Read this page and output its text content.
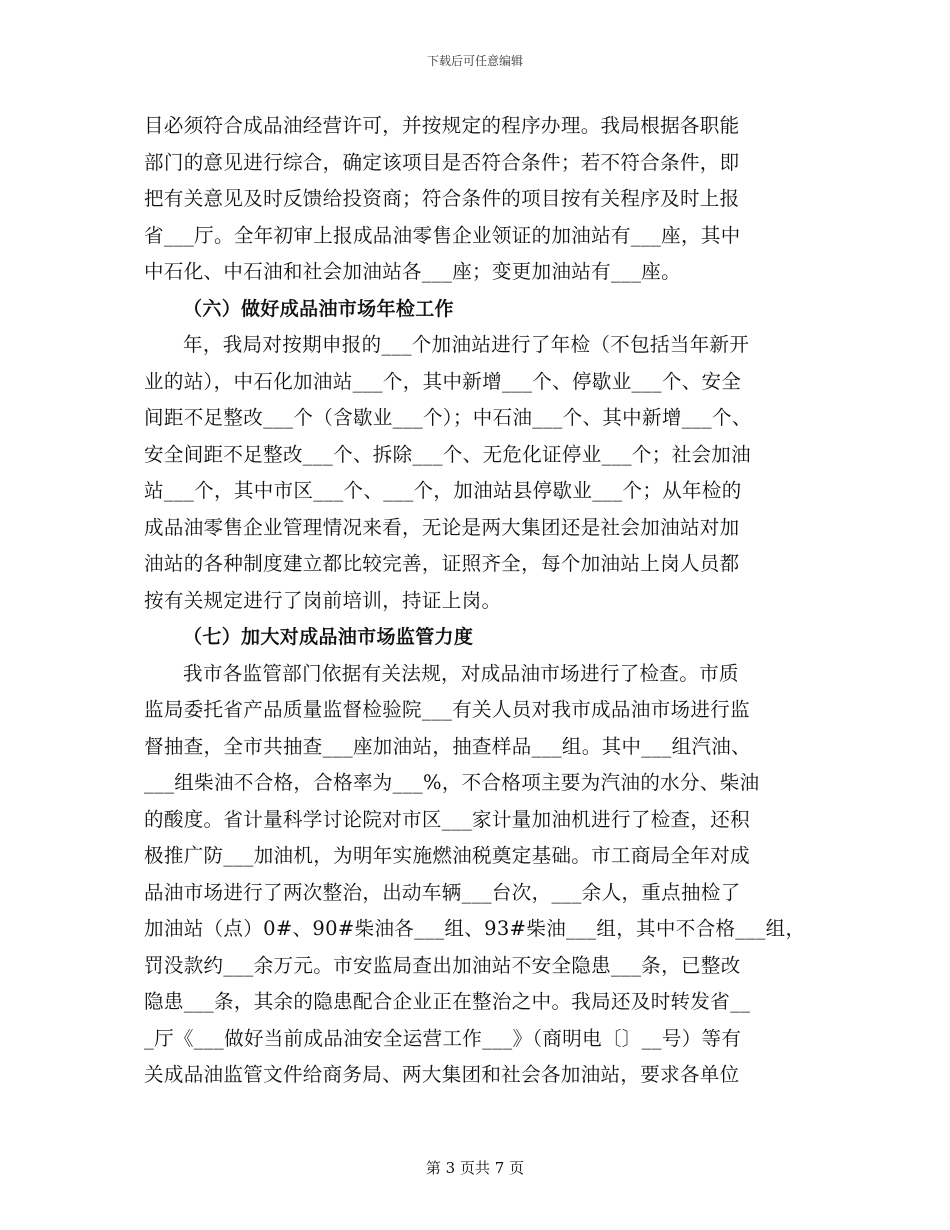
下载后可任意编辑
目必须符合成品油经营许可，并按规定的程序办理。我局根据各职能
部门的意见进行综合，确定该项目是否符合条件；若不符合条件，即
把有关意见及时反馈给投资商；符合条件的项目按有关程序及时上报
省___厅。全年初审上报成品油零售企业领证的加油站有___座，其中
中石化、中石油和社会加油站各___座；变更加油站有___座。
（六）做好成品油市场年检工作
年，我局对按期申报的___个加油站进行了年检（不包括当年新开
业的站），中石化加油站___个，其中新增___个、停歇业___个、安全
间距不足整改___个（含歇业___个）；中石油___个、其中新增___个、
安全间距不足整改___个、拆除___个、无危化证停业___个；社会加油
站___个，其中市区___个、___个，加油站县停歇业___个；从年检的
成品油零售企业管理情况来看，无论是两大集团还是社会加油站对加
油站的各种制度建立都比较完善，证照齐全，每个加油站上岗人员都
按有关规定进行了岗前培训，持证上岗。
（七）加大对成品油市场监管力度
我市各监管部门依据有关法规，对成品油市场进行了检查。市质
监局委托省产品质量监督检验院___有关人员对我市成品油市场进行监
督抽查，全市共抽查___座加油站，抽查样品___组。其中___组汽油、
___组柴油不合格，合格率为___%，不合格项主要为汽油的水分、柴油
的酸度。省计量科学讨论院对市区___家计量加油机进行了检查，还积
极推广防___加油机，为明年实施燃油税奠定基础。市工商局全年对成
品油市场进行了两次整治，出动车辆___台次，___余人，重点抽检了
加油站（点）0#、90#柴油各___组、93#柴油___组，其中不合格___组，
罚没款约___余万元。市安监局查出加油站不安全隐患___条，已整改
隐患___条，其余的隐患配合企业正在整治之中。我局还及时转发省__
_厅《___做好当前成品油安全运营工作___》（商明电〔〕__号）等有
关成品油监管文件给商务局、两大集团和社会各加油站，要求各单位
第 3 页共 7 页
